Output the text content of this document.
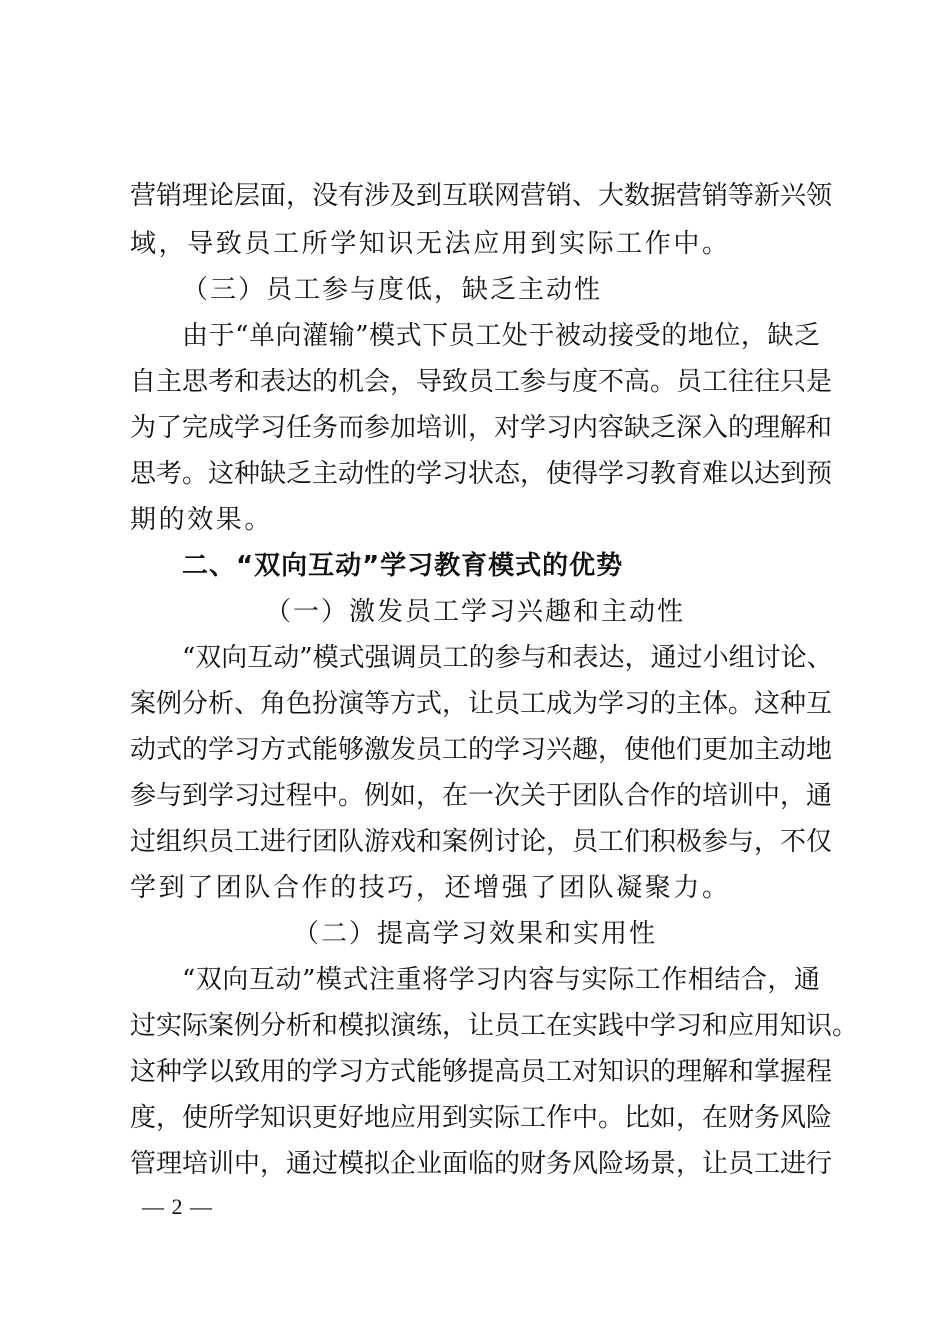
营销理论层面，没有涉及到互联网营销、大数据营销等新兴领
域，导致员工所学知识无法应用到实际工作中。
（三）员工参与度低，缺乏主动性
由于“单向灌输”模式下员工处于被动接受的地位，缺乏
自主思考和表达的机会，导致员工参与度不高。员工往往只是
为了完成学习任务而参加培训，对学习内容缺乏深入的理解和
思考。这种缺乏主动性的学习状态，使得学习教育难以达到预
期的效果。
二、“双向互动”学习教育模式的优势
（一）激发员工学习兴趣和主动性
“双向互动”模式强调员工的参与和表达，通过小组讨论、
案例分析、角色扮演等方式，让员工成为学习的主体。这种互
动式的学习方式能够激发员工的学习兴趣，使他们更加主动地
参与到学习过程中。例如，在一次关于团队合作的培训中，通
过组织员工进行团队游戏和案例讨论，员工们积极参与，不仅
学到了团队合作的技巧，还增强了团队凝聚力。
（二）提高学习效果和实用性
“双向互动”模式注重将学习内容与实际工作相结合，通
过实际案例分析和模拟演练，让员工在实践中学习和应用知识。
这种学以致用的学习方式能够提高员工对知识的理解和掌握程
度，使所学知识更好地应用到实际工作中。比如，在财务风险
管理培训中，通过模拟企业面临的财务风险场景，让员工进行
— 2 —
